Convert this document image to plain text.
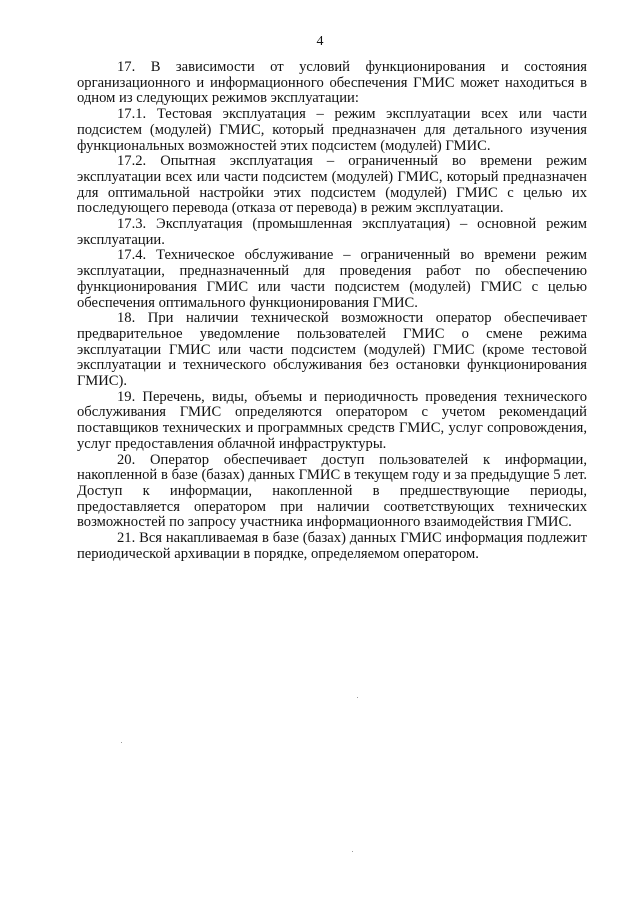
4

17. В зависимости от условий функционирования и состояния организационного и информационного обеспечения ГМИС может находиться в одном из следующих режимов эксплуатации:

17.1. Тестовая эксплуатация – режим эксплуатации всех или части подсистем (модулей) ГМИС, который предназначен для детального изучения функциональных возможностей этих подсистем (модулей) ГМИС.

17.2. Опытная эксплуатация – ограниченный во времени режим эксплуатации всех или части подсистем (модулей) ГМИС, который предназначен для оптимальной настройки этих подсистем (модулей) ГМИС с целью их последующего перевода (отказа от перевода) в режим эксплуатации.

17.3. Эксплуатация (промышленная эксплуатация) – основной режим эксплуатации.

17.4. Техническое обслуживание – ограниченный во времени режим эксплуатации, предназначенный для проведения работ по обеспечению функционирования ГМИС или части подсистем (модулей) ГМИС с целью обеспечения оптимального функционирования ГМИС.

18. При наличии технической возможности оператор обеспечивает предварительное уведомление пользователей ГМИС о смене режима эксплуатации ГМИС или части подсистем (модулей) ГМИС (кроме тестовой эксплуатации и технического обслуживания без остановки функционирования ГМИС).

19. Перечень, виды, объемы и периодичность проведения технического обслуживания ГМИС определяются оператором с учетом рекомендаций поставщиков технических и программных средств ГМИС, услуг сопровождения, услуг предоставления облачной инфраструктуры.

20. Оператор обеспечивает доступ пользователей к информации, накопленной в базе (базах) данных ГМИС в текущем году и за предыдущие 5 лет. Доступ к информации, накопленной в предшествующие периоды, предоставляется оператором при наличии соответствующих технических возможностей по запросу участника информационного взаимодействия ГМИС.

21. Вся накапливаемая в базе (базах) данных ГМИС информация подлежит периодической архивации в порядке, определяемом оператором.
